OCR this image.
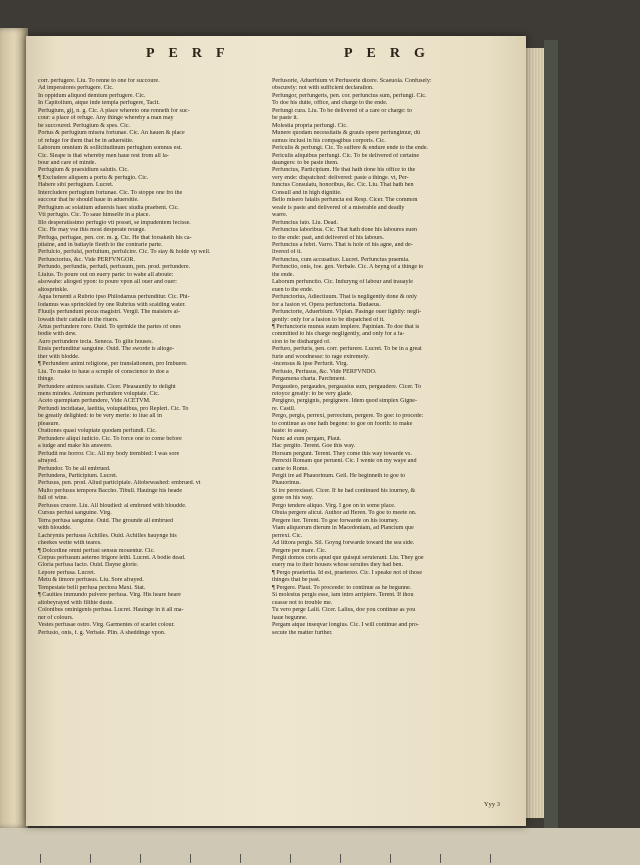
PERF	PERG
corr. perfugere. Liu. To renne to one for succoure.
Ad imperatores perfugere. Cic.
In oppidum aliquod demium perfugere. Cic.
In Capitolium, atque inde templa perfugere, Tacit.
Perfugium, gij, n. g. Cic. A place whereto one renneth for suc-
cour: a place of refuge. Any thinge whereby a man may
be succoured. Perfugium & spes. Cic.
Portus & perfugium misera fortunae. Cic. An hauen & place
of refuge for them that be in aduersitie.
Laborum omnium & sollicitudinum perfugium somnus est.
Cic. Sleape is that whereby men haue rest from all la-
bour and care of minde.
Perfugium & praesidium salutis. Cic.
¶ Excludere aliquem a portu & perfugio. Cic.
Habere sibi perfugium. Lucret.
Intercludere perfugium fortunae. Cic. To stoppe one fro the
succour that he should haue in aduersitie.
Perfugium ac solatium aduersis haec studia praebent. Cic.
Vti perfugio. Cic. To saue himselfe in a place.
Illo desperatissimo perfugio vti posset, se impudentem fecisse.
Cic. He may vse this most desperate reuege.
Perfuga, perfugae, pen. cor. m. g. Cic. He that forsaketh his ca-
pitaine, and in battayle fleeth to the contrarie parte.
Perfulcio, perfulsi, perfultum, perfulcire. Cic. To stay & holde vp well.
Perfunctorius, &c. Vide PERFVNGOR.
Perfundo, perfundis, perfudi, perfusum, pen. prod. perfundere.
Liuius. To poure out on euery parte: to wahe all aboute:
alsowahe: altoged ypon: to poure vpon all ouer and ouer:
altosprinkle.
Aqua feruenti a Rubrio ipso Philodamus perfunditur. Cic. Phi-
lodamus was sprinckled by one Rubrius with scalding water.
Fluuijs perfundunt pecus magistri. Vergil. The maisters al-
lowath their cattaile in the riuers.
Artus perfundere rore. Ouid. To sprinkle the partes of ones
bodie with dew.
Auro perfundere tecta. Seneca. To gilte houses.
Ensis perfunditur sanguine. Ouid. The sworde is altoge-
ther with blodde.
¶ Perfundere animi religione, per translationem, pro Imbuere.
Liu. To make to haue a scruple of conscience to doe a
thinge.
Perfundere animos sauitate. Cicer. Pleasauntly to delight
mens mindes. Animum perfundere voluptate. Cic.
Aceto quempiam perfundere, Vide ACETVM.
Perfundi incidiatae, laetitia, voluptatibus, pro Repleri. Cic. To
be greatly delighted: to be very merie: to liue all in
pleasure.
Orationes quasi voluptate quodam perfundi. Cic.
Perfundere aliqui iudicio. Cic. To force one to come before
a iudge and make his answere.
Perfudit me horror. Cic. All my body trembled: I was sore
afrayed.
Perfundor. To be all embrued.
Perfundens, Participium. Lucret.
Perfusus, pen. prod. Aliud participiale. Altobewashed: embrued. vt
Multo perfusus tempora Baccho. Tibull. Hauinge his heade
full of wine.
Perfusus cruore. Liu. All bloudied: al embrued with bloudde.
Cursus perfusi sanguine. Virg.
Terra perfusa sanguine. Ouid. The grounde all embrued
with bloudde.
Lachrymis perfusus Achilles. Ouid. Achilles hauynge his
cheekes wette with teares.
¶ Dolcedine omni perfusi sensus mouentur. Cic.
Corpus perfusum aeterno frigore lethi. Lucret. A bodie dead.
Gloria perfusa facto. Ouid. Dayne glorie.
Lepore perfusa. Lucret.
Metu & timore perfusus. Liu. Sore afrayed.
Tempestate belli perfusa pectora Maxi. Stat.
¶ Cauities immundo pulvere perfusa. Virg. His heare heare
altobeyrayed with filthie duste.
Colonibus ominigenis perfusa. Lucret. Hauinge in it all ma-
ner of colours.
Vestes perfusae ostro. Virg. Garmentes of scarlet colour.
Perfusio, onis, f. g. Verbale. Plin. A sheddinge vpon.
Perfusorie, Aduerbium vt Perfusorie dicere. Scaeuola. Confusely:
obscurely: not with sufficient declaration.
Perfungor, perfungeris, pen. cor. perfunctus sum, perfungi. Cic.
To doe his dutie, office, and charge to the ende.
Perfungi cura. Liu. To be delivered of a care or charge: to
be paste it.
Molestia propria perfungi. Cic.
Munere quodam necessitatis & grauis opere perfungimur, dū
sumus inclusi in his compagibus corporis. Cic.
Periculis & perfungi. Cic. To suffere & endure ende to the ende.
Periculis aliquibus perfungi. Cic. To be delivered of certaine
daungers: to be paste them.
Perfunctus, Participium. He that hath done his office to the
very ende: dispatched: delivered: paste a thinge. vt, Per-
functus Consulatu, honoribus, &c. Cic. Liu. That hath ben
Consull and in high dignitie.
Bello misero fatalis perfuncta est Resp. Cicer. The common
weale is paste and delivered of a miserable and deadly
warre.
Perfunctus fato. Liu. Dead.
Perfunctus laboribus. Cic. That hath done his laboures euen
to the ende: past, and delivered of his labours.
Perfunctus a febri. Varro. That is hole of his agne, and de-
livered of it.
Perfunctus, cum accusatiuo. Lucret. Perfunctus praemia.
Perfunctio, onis, foe. gen. Verbale. Cic. A beyng of a thinge to
the ende.
Laborum perfunctio. Cic. Induryng of labour and trauayle
euen to the ende.
Perfunctorius, Adiectiuum. That is negligently done & only
for a fasion vt. Opera perfunctoria. Budaeus.
Perfunctorie, Aduerbium. Vlpian. Pasinge ouer lightly: negli-
gently: only for a fasion to be dispatched of it.
¶ Perfunctorie munus suum implere. Papinian. To doe that is
committed to his charge negligently, and only for a fa-
sion to be distharged of.
Perfuro, perfuris, pen. corr. perfurere. Lucret. To be in a great
furie and woodnesse: to rage extremely.
-incensus & ipse Perfurit. Virg.
Perfusio, Perfusus, &c. Vide PERFVNDO.
Pergamena charta. Parchment.
Pergaudeo, pergaudes, pergausius sum, pergaudere. Cicer. To
reioyce greatly: to be very glade.
Pergigno, pergignis, pergignere. Idem quod simplex Gigne-
re. Castll.
Pergo, pergis, perrexi, perrectum, pergere. To goe: to procede:
to continue as one hath begone: to goe on foorth: to make
haste: to assay.
Nunc ad eum pergam, Plaut.
Hac pergito. Terent. Goe this way.
Horsum pergunt. Terent. They come this way towarde vs.
Perrexit Romam que perueni. Cic. I wente on my waye and
came to Rome.
Pergit ire ad Phauorinum. Gell. He beginneth to goe to
Phauorinus.
Si ire perrexisset. Cicer. If he had continued his iourney, &
gone on his way.
Pergo tendere aliquo. Virg. I goe on to some place.
Obuia pergere alicui. Author ad Heren. To goe to meete on.
Pergere iter. Terent. To goe forwarde on his iourney.
Viam aliquorum dierum in Macedoniam, ad Plancium que
perrexi. Cic.
Ad littora pergis. Sil. Goyng forwarde toward the sea side.
Pergere per mare. Cic.
Pergit domos coris apud que quisqui seruierant. Liu. They goe
euery ma to their houses whose seruites they had ben.
¶ Pergo praeterita. Id est, praetereo. Cic. I speake not of those
thinges that be past.
¶ Pergere. Plaut. To proceede: to continue as he begunne.
Si molestus pergis esse, iam intro arripiere. Terent. If thou
ceasse not to trouble me.
Tu vero perge Lalii. Cicer. Lalius, doe you continue as you
haue begunne.
Pergam atque inseqvar longius. Cic. I will continue and pro-
secute the matter further.
Yyy 3
